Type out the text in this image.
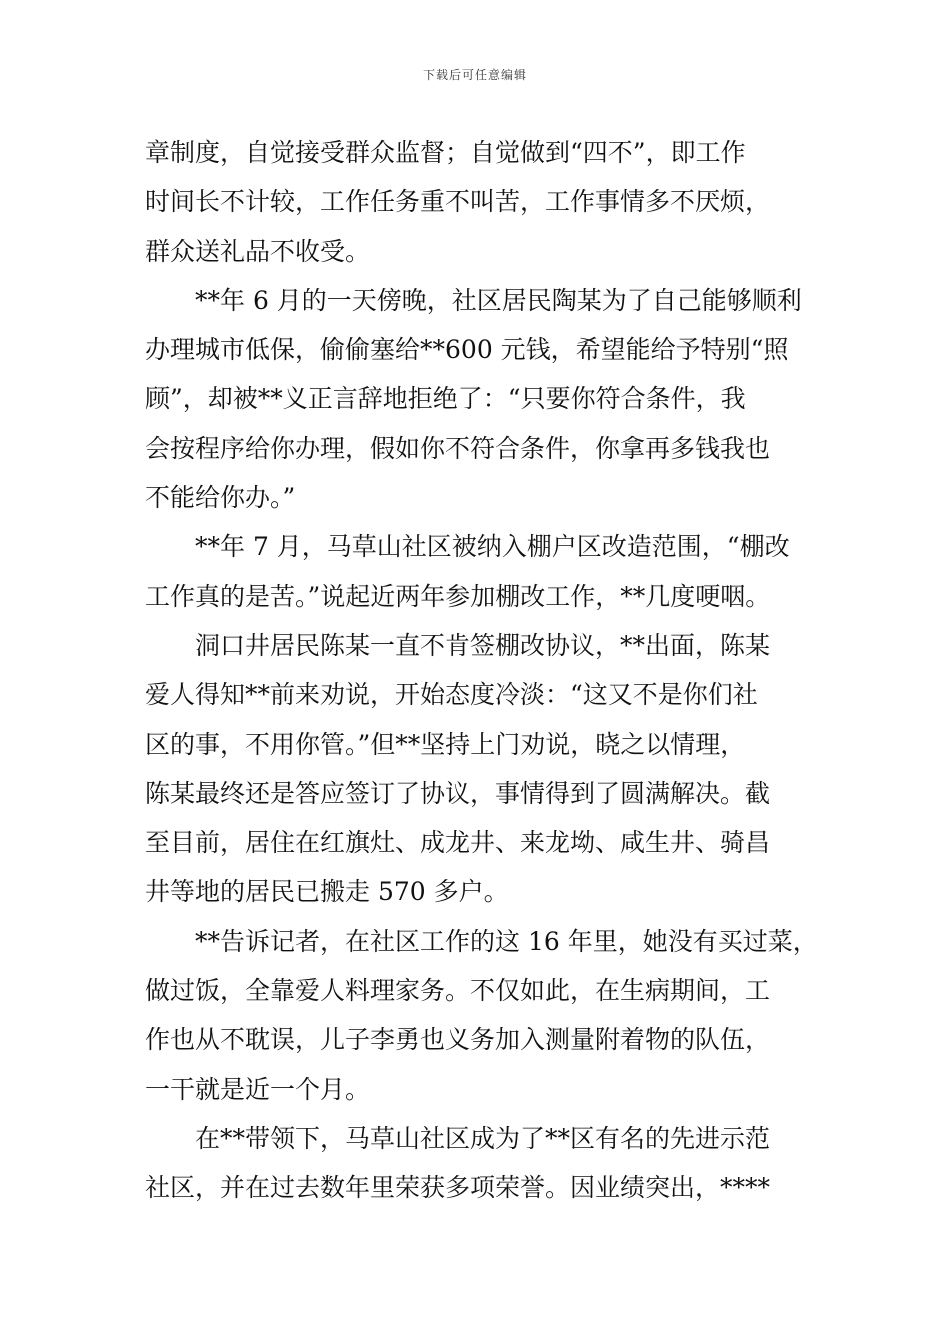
下载后可任意编辑
章制度，自觉接受群众监督；自觉做到“四不”，即工作
时间长不计较，工作任务重不叫苦，工作事情多不厌烦，
群众送礼品不收受。
**年 6 月的一天傍晚，社区居民陶某为了自己能够顺利
办理城市低保，偷偷塞给**600 元钱，希望能给予特别“照
顾”，却被**义正言辞地拒绝了：“只要你符合条件，我
会按程序给你办理，假如你不符合条件，你拿再多钱我也
不能给你办。”
**年 7 月，马草山社区被纳入棚户区改造范围，“棚改
工作真的是苦。”说起近两年参加棚改工作，**几度哽咽。
洞口井居民陈某一直不肯签棚改协议，**出面，陈某
爱人得知**前来劝说，开始态度冷淡：“这又不是你们社
区的事，不用你管。”但**坚持上门劝说，晓之以情理，
陈某最终还是答应签订了协议，事情得到了圆满解决。截
至目前，居住在红旗灶、成龙井、来龙坳、咸生井、骑昌
井等地的居民已搬走 570 多户。
**告诉记者，在社区工作的这 16 年里，她没有买过菜，
做过饭，全靠爱人料理家务。不仅如此，在生病期间，工
作也从不耽误，儿子李勇也义务加入测量附着物的队伍，
一干就是近一个月。
在**带领下，马草山社区成为了**区有名的先进示范
社区，并在过去数年里荣获多项荣誉。因业绩突出，****
